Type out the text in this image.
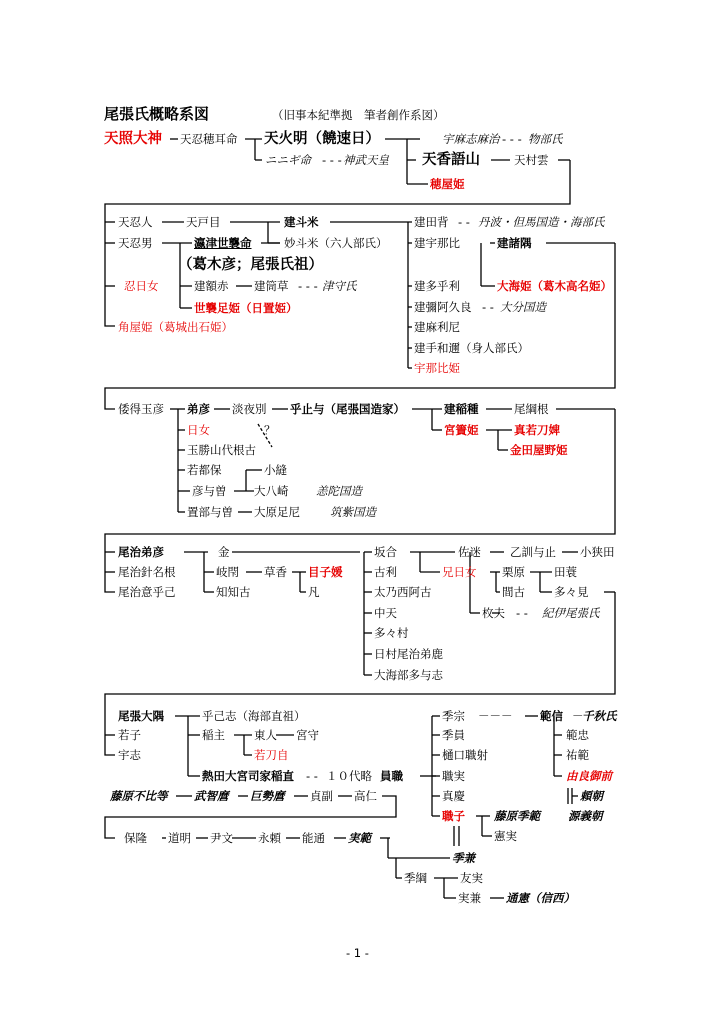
尾張氏概略系図	（旧事本紀準拠　筆者創作系図）
天照大神 天忍穂耳命 天火明（饒速日）	宇麻志麻治 - - - 物部氏
ニニギ命 - - - 神武天皇 天香語山	天村雲
穂屋姫
天忍人	天戸目	建斗米	建田背 - - 丹波・但馬国造・海部氏
天忍男	瀛津世襲命	妙斗米（六人部氏） 建宇那比	建諸隅
（葛木彦；尾張氏祖）
忍日女	建額赤 建筒草 - - - 津守氏	建多乎利	大海姫（葛木高名姫）
世襲足姫（日置姫）	建彌阿久良 - - 大分国造
角屋姫（葛城出石姫）	建麻利尼
建手和邇（身人部氏）
宇那比姫
倭得玉彦 弟彦 淡夜別 乎止与（尾張国造家）	建稲種	尾綱根
日女	？	宮簀姫	真若刀婢
玉勝山代根古	金田屋野姫
若都保	小縫
彦与曽 大八崎 恙陀国造
置部与曽 大原足尼	筑紫国造
尾治弟彦	金	坂合	佐迷	乙訓与止 小狭田
尾治針名根	岐閇 草香 目子媛	古利	兄日女 栗原	田蓑
尾治意乎己	知知古	凡	太乃西阿古	間古	多々見
中天	枚夫 - - 紀伊尾張氏
多々村
日村尾治弟鹿
大海部多与志
尾張大隅	乎己志（海部直祖）	季宗 －－－ 範信 －
千秋氏
若子	稲主	東人 宮守	季員	範忠
宇志	若刀自	樋口職射	祐範
熱田大宮司家稲直 - - １０代略 員職	職実	由良御前
藤原不比等 武智麿 巨勢麿 貞副 高仁	真慶	頼朝
職子	藤原季範 源義朝
憲実
保隆 道明 尹文 永頼 能通 実範
季兼
季綱	友実
実兼 通憲（信西）
- 1 -
